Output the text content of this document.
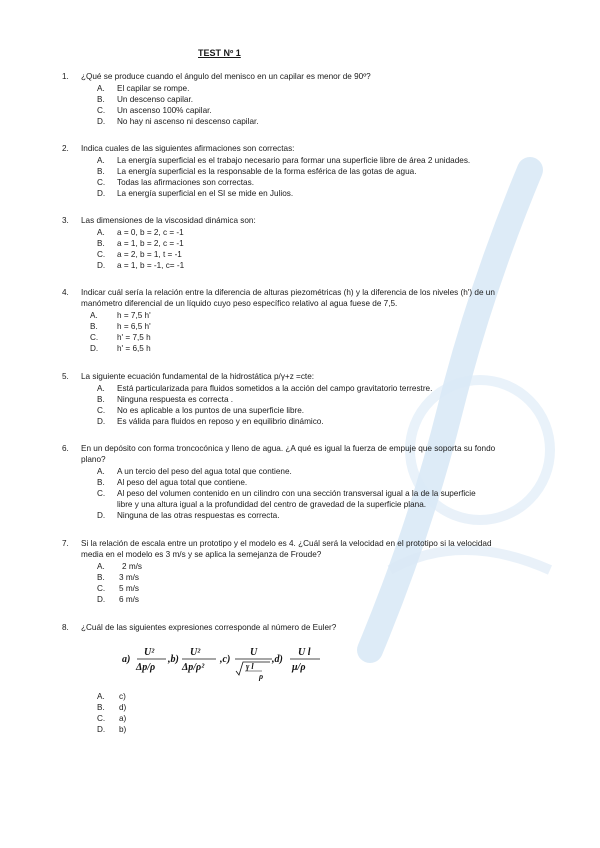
TEST Nº 1
1. ¿Qué se produce cuando el ángulo del menisco en un capilar es menor de 90º?
A. El capilar se rompe.
B. Un descenso capilar.
C. Un ascenso 100% capilar.
D. No hay ni ascenso ni descenso capilar.
2. Indica cuales de las siguientes afirmaciones son correctas:
A. La energía superficial es el trabajo necesario para formar una superficie libre de área 2 unidades.
B. La energía superficial es la responsable de la forma esférica de las gotas de agua.
C. Todas las afirmaciones son correctas.
D. La energía superficial en el SI se mide en Julios.
3. Las dimensiones de la viscosidad dinámica son:
A. a = 0, b = 2, c = -1
B. a = 1, b = 2, c = -1
C. a = 2, b = 1, t = -1
D. a = 1, b = -1, c= -1
4. Indicar cuál sería la relación entre la diferencia de alturas piezométricas (h) y la diferencia de los niveles (h') de un
manómetro diferencial de un líquido cuyo peso específico relativo al agua fuese de 7,5.
A. h = 7,5 h'
B. h = 6,5 h'
C. h' = 7,5 h
D. h' = 6,5 h
5. La siguiente ecuación fundamental de la hidrostática p/γ+z =cte:
A. Está particularizada para fluidos sometidos a la acción del campo gravitatorio terrestre.
B. Ninguna respuesta es correcta .
C. No es aplicable a los puntos de una superficie libre.
D. Es válida para fluidos en reposo y en equilibrio dinámico.
6. En un depósito con forma troncocónica y lleno de agua. ¿A qué es igual la fuerza de empuje que soporta su fondo
plano?
A. A un tercio del peso del agua total que contiene.
B. Al peso del agua total que contiene.
C. Al peso del volumen contenido en un cilindro con una sección transversal igual a la de la superficie
libre y una altura igual a la profundidad del centro de gravedad de la superficie plana.
D. Ninguna de las otras respuestas es correcta.
7. Si la relación de escala entre un prototipo y el modelo es 4. ¿Cuál será la velocidad en el prototipo si la velocidad
media en el modelo es 3 m/s y se aplica la semejanza de Froude?
A. 2 m/s
B. 3 m/s
C. 5 m/s
D. 6 m/s
8. ¿Cuál de las siguientes expresiones corresponde al número de Euler?
a)
U²
Δp/ρ
,b)
U²
Δp/ρ²
,c)
U
γ l
ρ
,d)
U l
μ/ρ
A. c)
B. d)
C. a)
D. b)
